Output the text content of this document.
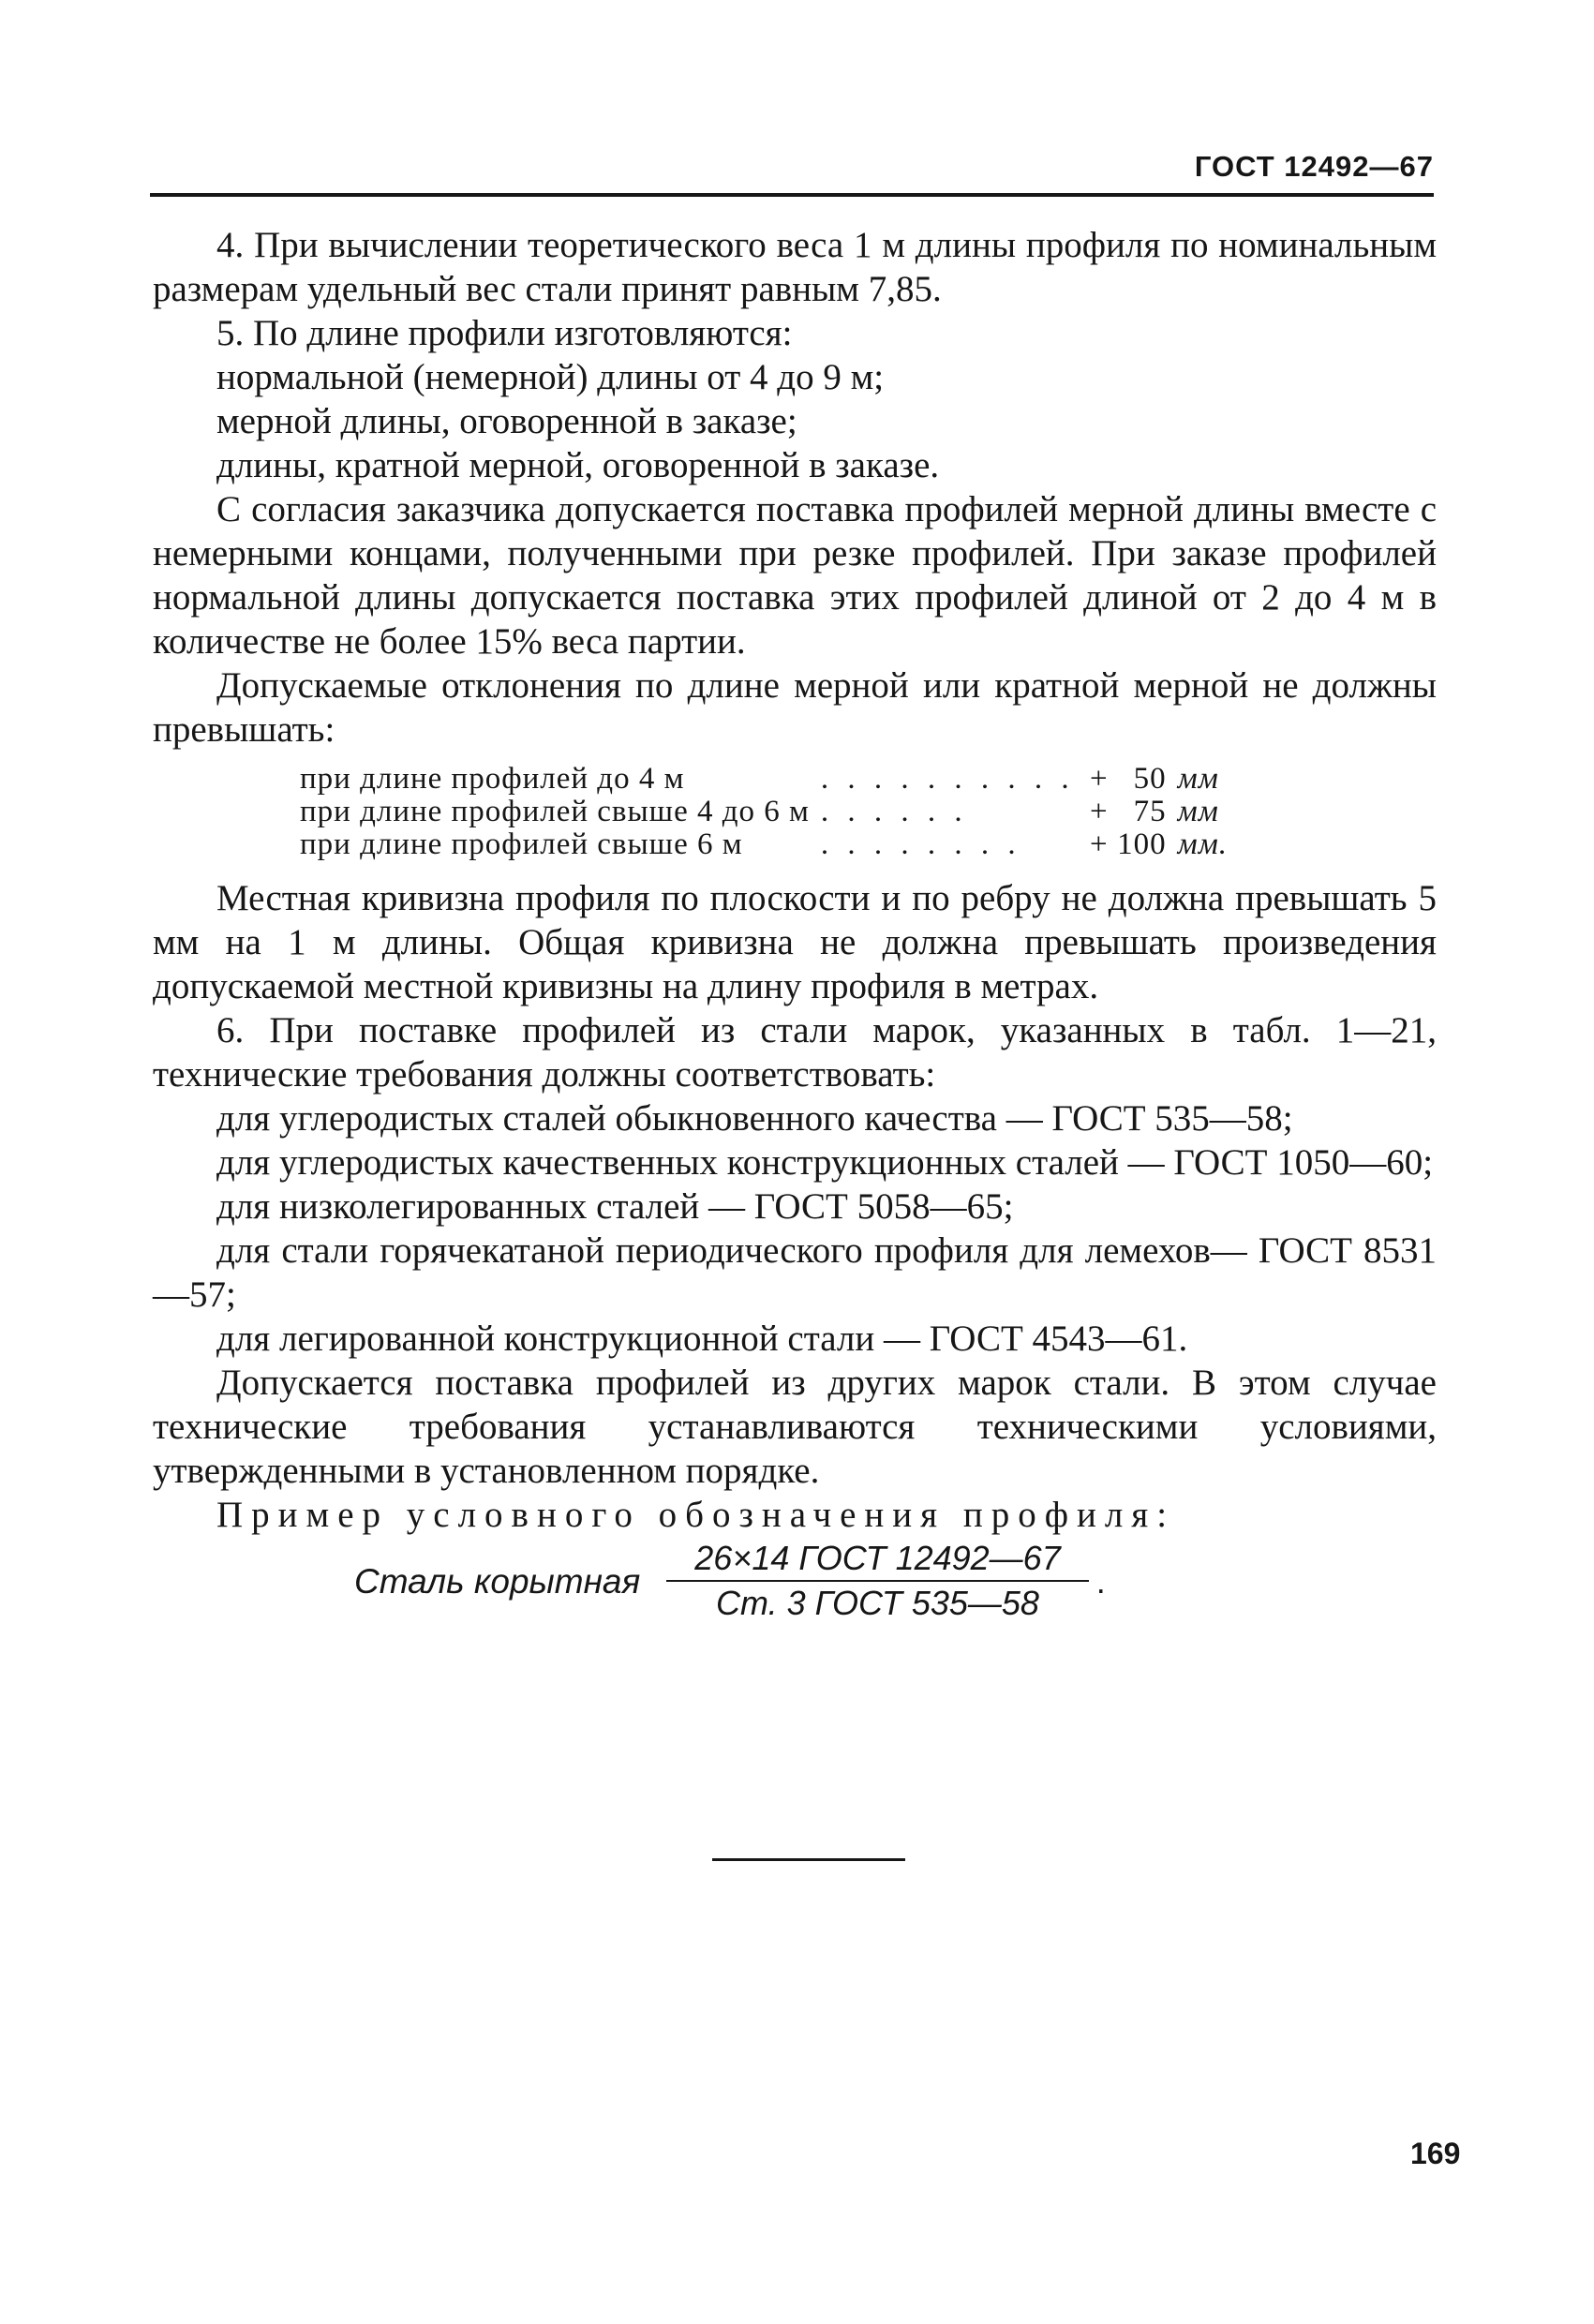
ГОСТ 12492—67

4. При вычислении теоретического веса 1 м длины профиля по номинальным размерам удельный вес стали принят равным 7,85.

5. По длине профили изготовляются:

нормальной (немерной) длины от 4 до 9 м;

мерной длины, оговоренной в заказе;

длины, кратной мерной, оговоренной в заказе.

С согласия заказчика допускается поставка профилей мерной длины вместе с немерными концами, полученными при резке профилей. При заказе профилей нормальной длины допускается поставка этих профилей длиной от 2 до 4 м в количестве не более 15% веса партии.

Допускаемые отклонения по длине мерной или кратной мерной не должны превышать:

при длине профилей до 4 м	. . . . . . . . . .	+	50	мм
при длине профилей свыше 4 до 6 м	. . . . . .	+	75	мм
при длине профилей свыше 6 м	. . . . . . . .	+	100	мм.

Местная кривизна профиля по плоскости и по ребру не должна превышать 5 мм на 1 м длины. Общая кривизна не должна превышать произведения допускаемой местной кривизны на длину профиля в метрах.

6. При поставке профилей из стали марок, указанных в табл. 1—21, технические требования должны соответствовать:

для углеродистых сталей обыкновенного качества — ГОСТ 535—58;

для углеродистых качественных конструкционных сталей — ГОСТ 1050—60;

для низколегированных сталей — ГОСТ 5058—65;

для стали горячекатаной периодического профиля для лемехов— ГОСТ 8531—57;

для легированной конструкционной стали — ГОСТ 4543—61.

Допускается поставка профилей из других марок стали. В этом случае технические требования устанавливаются техническими условиями, утвержденными в установленном порядке.

Пример условного обозначения профиля:

Сталь корытная $\frac{\text{26×14 ГОСТ 12492—67}}{\text{Ст. 3 ГОСТ 535—58}}$ .
169
